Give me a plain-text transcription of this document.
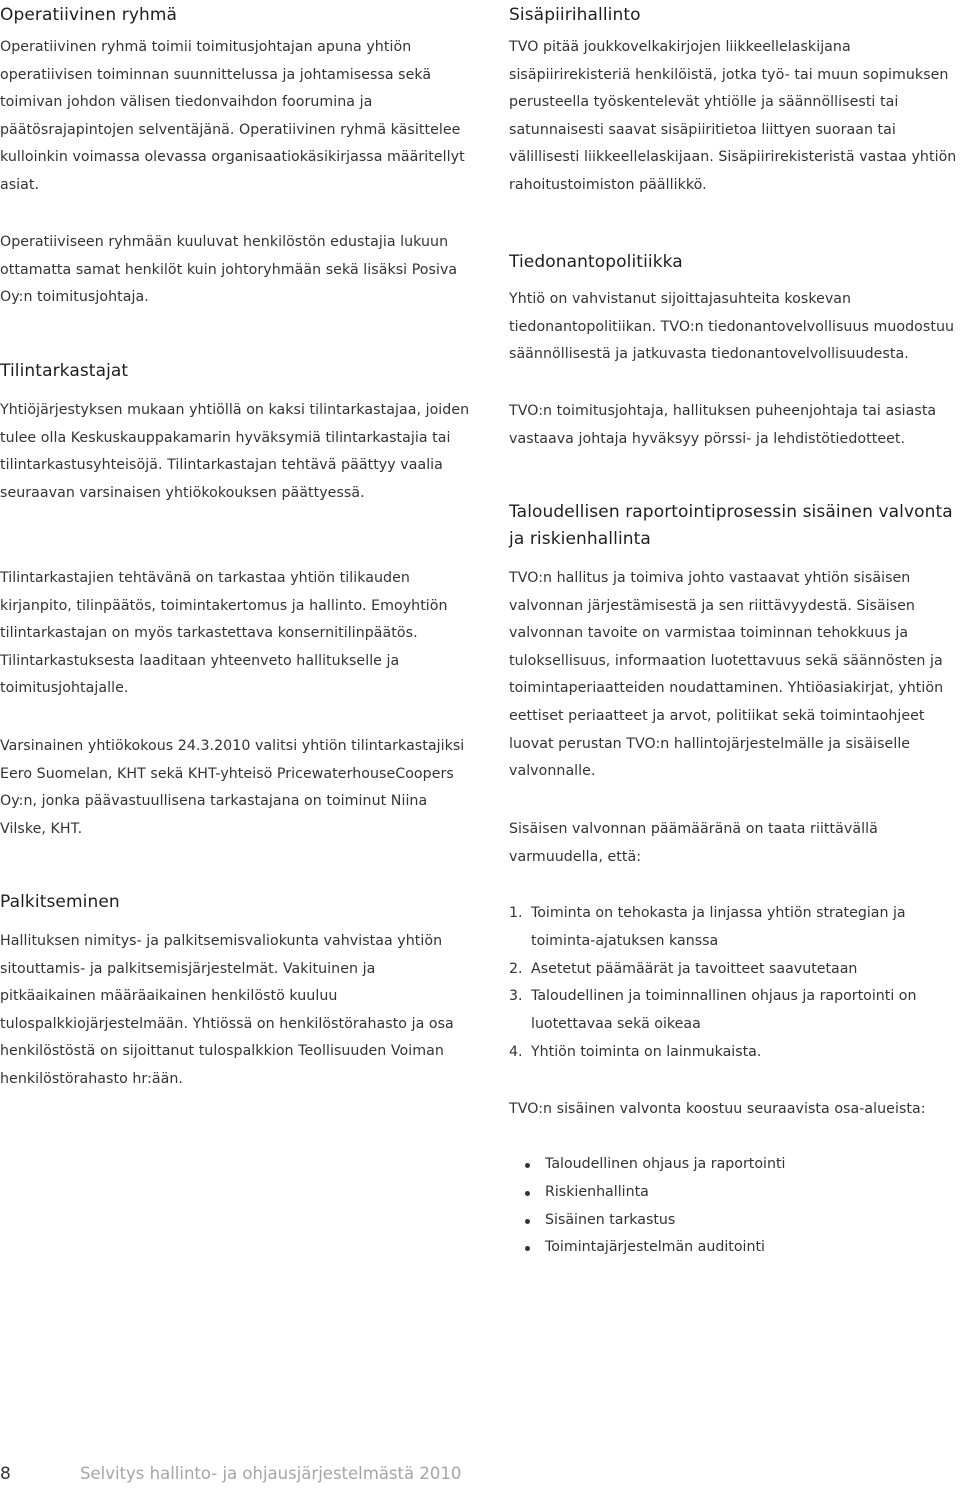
Operatiivinen ryhmä

Operatiivinen ryhmä toimii toimitusjohtajan apuna yhtiön operatiivisen toiminnan suunnittelussa ja johtamisessa sekä toimivan johdon välisen tiedonvaihdon foorumina ja päätösrajapintojen selventäjänä. Operatiivinen ryhmä käsittelee kulloinkin voimassa olevassa organisaatiokäsikirjassa määritellyt asiat.

Operatiiviseen ryhmään kuuluvat henkilöstön edustajia lukuun ottamatta samat henkilöt kuin johtoryhmään sekä lisäksi Posiva Oy:n toimitusjohtaja.

Tilintarkastajat

Yhtiöjärjestyksen mukaan yhtiöllä on kaksi tilintarkastajaa, joiden tulee olla Keskuskauppakamarin hyväksymiä tilintarkastajia tai tilintarkastusyhteisöjä. Tilintarkastajan tehtävä päättyy vaalia seuraavan varsinaisen yhtiökokouksen päättyessä.

Tilintarkastajien tehtävänä on tarkastaa yhtiön tilikauden kirjanpito, tilinpäätös, toimintakertomus ja hallinto. Emoyhtiön tilintarkastajan on myös tarkastettava konsernitilinpäätös. Tilintarkastuksesta laaditaan yhteenveto hallitukselle ja toimitusjohtajalle.

Varsinainen yhtiökokous 24.3.2010 valitsi yhtiön tilintarkastajiksi Eero Suomelan, KHT sekä KHT-yhteisö PricewaterhouseCoopers Oy:n, jonka päävastuullisena tarkastajana on toiminut Niina Vilske, KHT.

Palkitseminen

Hallituksen nimitys- ja palkitsemisvaliokunta vahvistaa yhtiön sitouttamis- ja palkitsemisjärjestelmät. Vakituinen ja pitkäaikainen määräaikainen henkilöstö kuuluu tulospalkkiojärjestelmään. Yhtiössä on henkilöstörahasto ja osa henkilöstöstä on sijoittanut tulospalkkion Teollisuuden Voiman henkilöstörahasto hr:ään.

Sisäpiirihallinto

TVO pitää joukkovelkakirjojen liikkeellelaskijana sisäpiirirekisteriä henkilöistä, jotka työ- tai muun sopimuksen perusteella työskentelevät yhtiölle ja säännöllisesti tai satunnaisesti saavat sisäpiiritietoa liittyen suoraan tai välillisesti liikkeellelaskijaan. Sisäpiirirekisteristä vastaa yhtiön rahoitustoimiston päällikkö.

Tiedonantopolitiikka

Yhtiö on vahvistanut sijoittajasuhteita koskevan tiedonantopolitiikan. TVO:n tiedonantovelvollisuus muodostuu säännöllisestä ja jatkuvasta tiedonantovelvollisuudesta.

TVO:n toimitusjohtaja, hallituksen puheenjohtaja tai asiasta vastaava johtaja hyväksyy pörssi- ja lehdistötiedotteet.

Taloudellisen raportointiprosessin sisäinen valvonta ja riskienhallinta

TVO:n hallitus ja toimiva johto vastaavat yhtiön sisäisen valvonnan järjestämisestä ja sen riittävyydestä. Sisäisen valvonnan tavoite on varmistaa toiminnan tehokkuus ja tuloksellisuus, informaation luotettavuus sekä säännösten ja toimintaperiaatteiden noudattaminen. Yhtiöasiakirjat, yhtiön eettiset periaatteet ja arvot, politiikat sekä toimintaohjeet luovat perustan TVO:n hallintojärjestelmälle ja sisäiselle valvonnalle.

Sisäisen valvonnan päämääränä on taata riittävällä varmuudella, että:

1. Toiminta on tehokasta ja linjassa yhtiön strategian ja toiminta-ajatuksen kanssa
2. Asetetut päämäärät ja tavoitteet saavutetaan
3. Taloudellinen ja toiminnallinen ohjaus ja raportointi on luotettavaa sekä oikeaa
4. Yhtiön toiminta on lainmukaista.

TVO:n sisäinen valvonta koostuu seuraavista osa-alueista:

Taloudellinen ohjaus ja raportointi
Riskienhallinta
Sisäinen tarkastus
Toimintajärjestelmän auditointi
8	Selvitys hallinto- ja ohjausjärjestelmästä 2010
